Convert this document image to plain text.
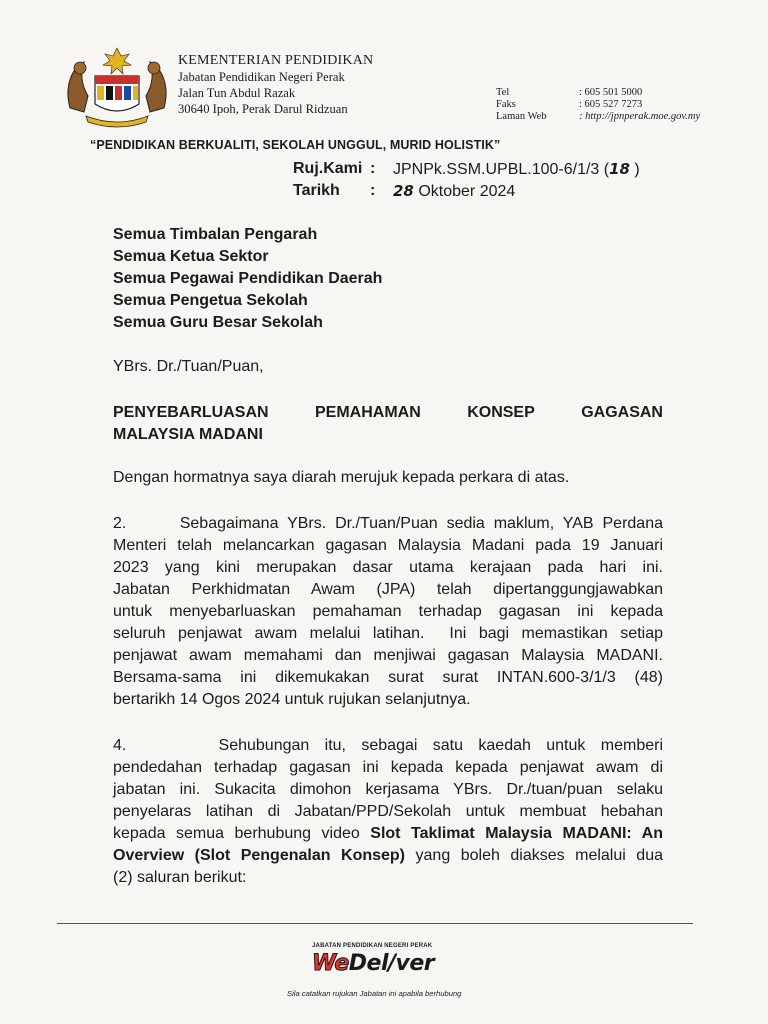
KEMENTERIAN PENDIDIKAN
Jabatan Pendidikan Negeri Perak
Jalan Tun Abdul Razak
30640 Ipoh, Perak Darul Ridzuan
Tel	: 605 501 5000
Faks	: 605 527 7273
Laman Web	: http://jpnperak.moe.gov.my
“PENDIDIKAN BERKUALITI, SEKOLAH UNGGUL, MURID HOLISTIK”
Ruj.Kami : JPNPk.SSM.UPBL.100-6/1/3 (18 )
Tarikh : 28 Oktober 2024
Semua Timbalan Pengarah
Semua Ketua Sektor
Semua Pegawai Pendidikan Daerah
Semua Pengetua Sekolah
Semua Guru Besar Sekolah
YBrs. Dr./Tuan/Puan,
PENYEBARLUASAN	PEMAHAMAN	KONSEP	GAGASAN
MALAYSIA MADANI
Dengan hormatnya saya diarah merujuk kepada perkara di atas.
2.      Sebagaimana YBrs. Dr./Tuan/Puan sedia maklum, YAB Perdana
Menteri telah melancarkan gagasan Malaysia Madani pada 19 Januari
2023 yang kini merupakan dasar utama kerajaan pada hari ini.
Jabatan Perkhidmatan Awam (JPA) telah dipertanggungjawabkan
untuk menyebarluaskan pemahaman terhadap gagasan ini kepada
seluruh penjawat awam melalui latihan.  Ini bagi memastikan setiap
penjawat awam memahami dan menjiwai gagasan Malaysia MADANI.
Bersama-sama ini dikemukakan surat surat INTAN.600-3/1/3 (48)
bertarikh 14 Ogos 2024 untuk rujukan selanjutnya.
4.      Sehubungan itu, sebagai satu kaedah untuk memberi
pendedahan terhadap gagasan ini kepada kepada penjawat awam di
jabatan ini. Sukacita dimohon kerjasama YBrs. Dr./tuan/puan selaku
penyelaras latihan di Jabatan/PPD/Sekolah untuk membuat hebahan
kepada semua berhubung video Slot Taklimat Malaysia MADANI: An
Overview (Slot Pengenalan Konsep) yang boleh diakses melalui dua
(2) saluran berikut:
JABATAN PENDIDIKAN NEGERI PERAK
WeDel/ver
Sila catatkan rujukan Jabatan ini apabila berhubung
